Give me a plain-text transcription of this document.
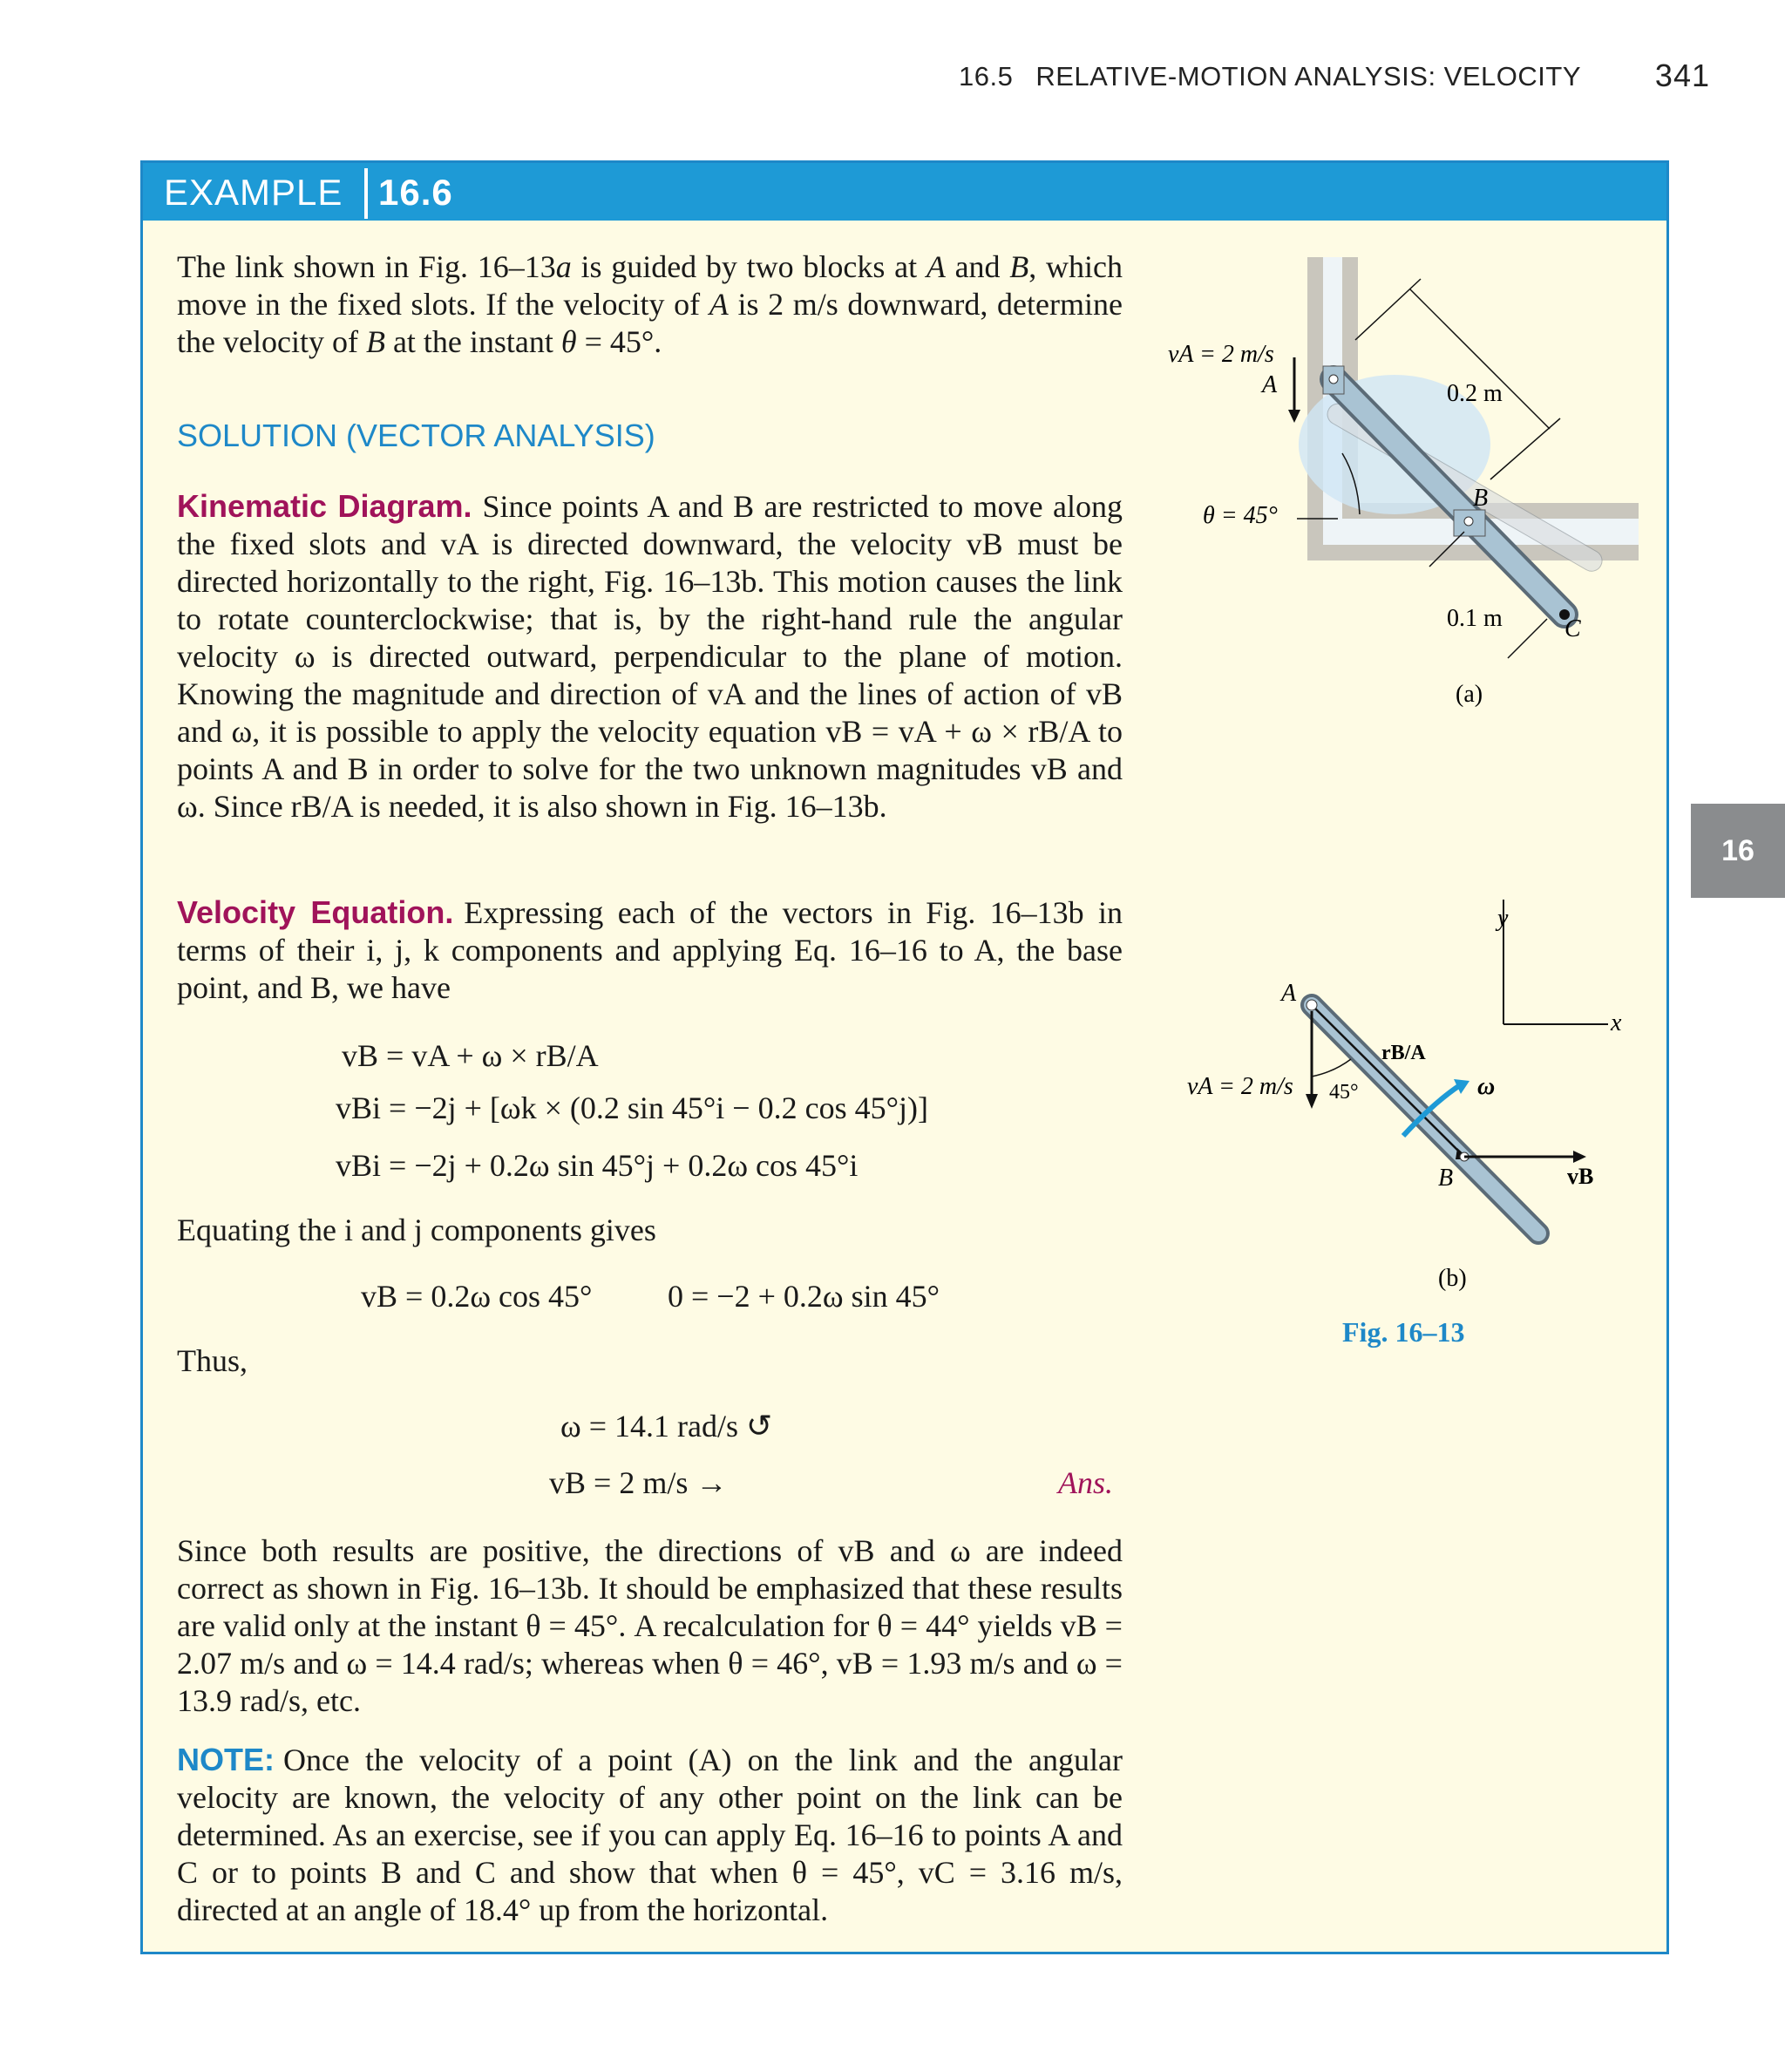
16.5 RELATIVE-MOTION ANALYSIS: VELOCITY	341
EXAMPLE 16.6

The link shown in Fig. 16–13a is guided by two blocks at A and B, which move in the fixed slots. If the velocity of A is 2 m/s downward, determine the velocity of B at the instant θ = 45°.

SOLUTION (VECTOR ANALYSIS)

Kinematic Diagram. Since points A and B are restricted to move along the fixed slots and vA is directed downward, the velocity vB must be directed horizontally to the right, Fig. 16–13b. This motion causes the link to rotate counterclockwise; that is, by the right-hand rule the angular velocity ω is directed outward, perpendicular to the plane of motion. Knowing the magnitude and direction of vA and the lines of action of vB and ω, it is possible to apply the velocity equation vB = vA + ω × rB/A to points A and B in order to solve for the two unknown magnitudes vB and ω. Since rB/A is needed, it is also shown in Fig. 16–13b.

Velocity Equation. Expressing each of the vectors in Fig. 16–13b in terms of their i, j, k components and applying Eq. 16–16 to A, the base point, and B, we have

vB = vA + ω × rB/A
vBi = −2j + [ωk × (0.2 sin 45°i − 0.2 cos 45°j)]
vBi = −2j + 0.2ω sin 45°j + 0.2ω cos 45°i
Equating the i and j components gives
vB = 0.2ω cos 45° 0 = −2 + 0.2ω sin 45°
Thus,
ω = 14.1 rad/s ↺
vB = 2 m/s →	Ans.
Since both results are positive, the directions of vB and ω are indeed correct as shown in Fig. 16–13b. It should be emphasized that these results are valid only at the instant θ = 45°. A recalculation for θ = 44° yields vB = 2.07 m/s and ω = 14.4 rad/s; whereas when θ = 46°, vB = 1.93 m/s and ω = 13.9 rad/s, etc.

NOTE: Once the velocity of a point (A) on the link and the angular velocity are known, the velocity of any other point on the link can be determined. As an exercise, see if you can apply Eq. 16–16 to points A and C or to points B and C and show that when θ = 45°, vC = 3.16 m/s, directed at an angle of 18.4° up from the horizontal.

16
vA = 2 m/s
A	0.2 m
B
0.1 m	C
θ = 45°
(a)
y
x
A
B
vA = 2 m/s 45°
rB/A
ω
vB
(b)
Fig. 16–13
